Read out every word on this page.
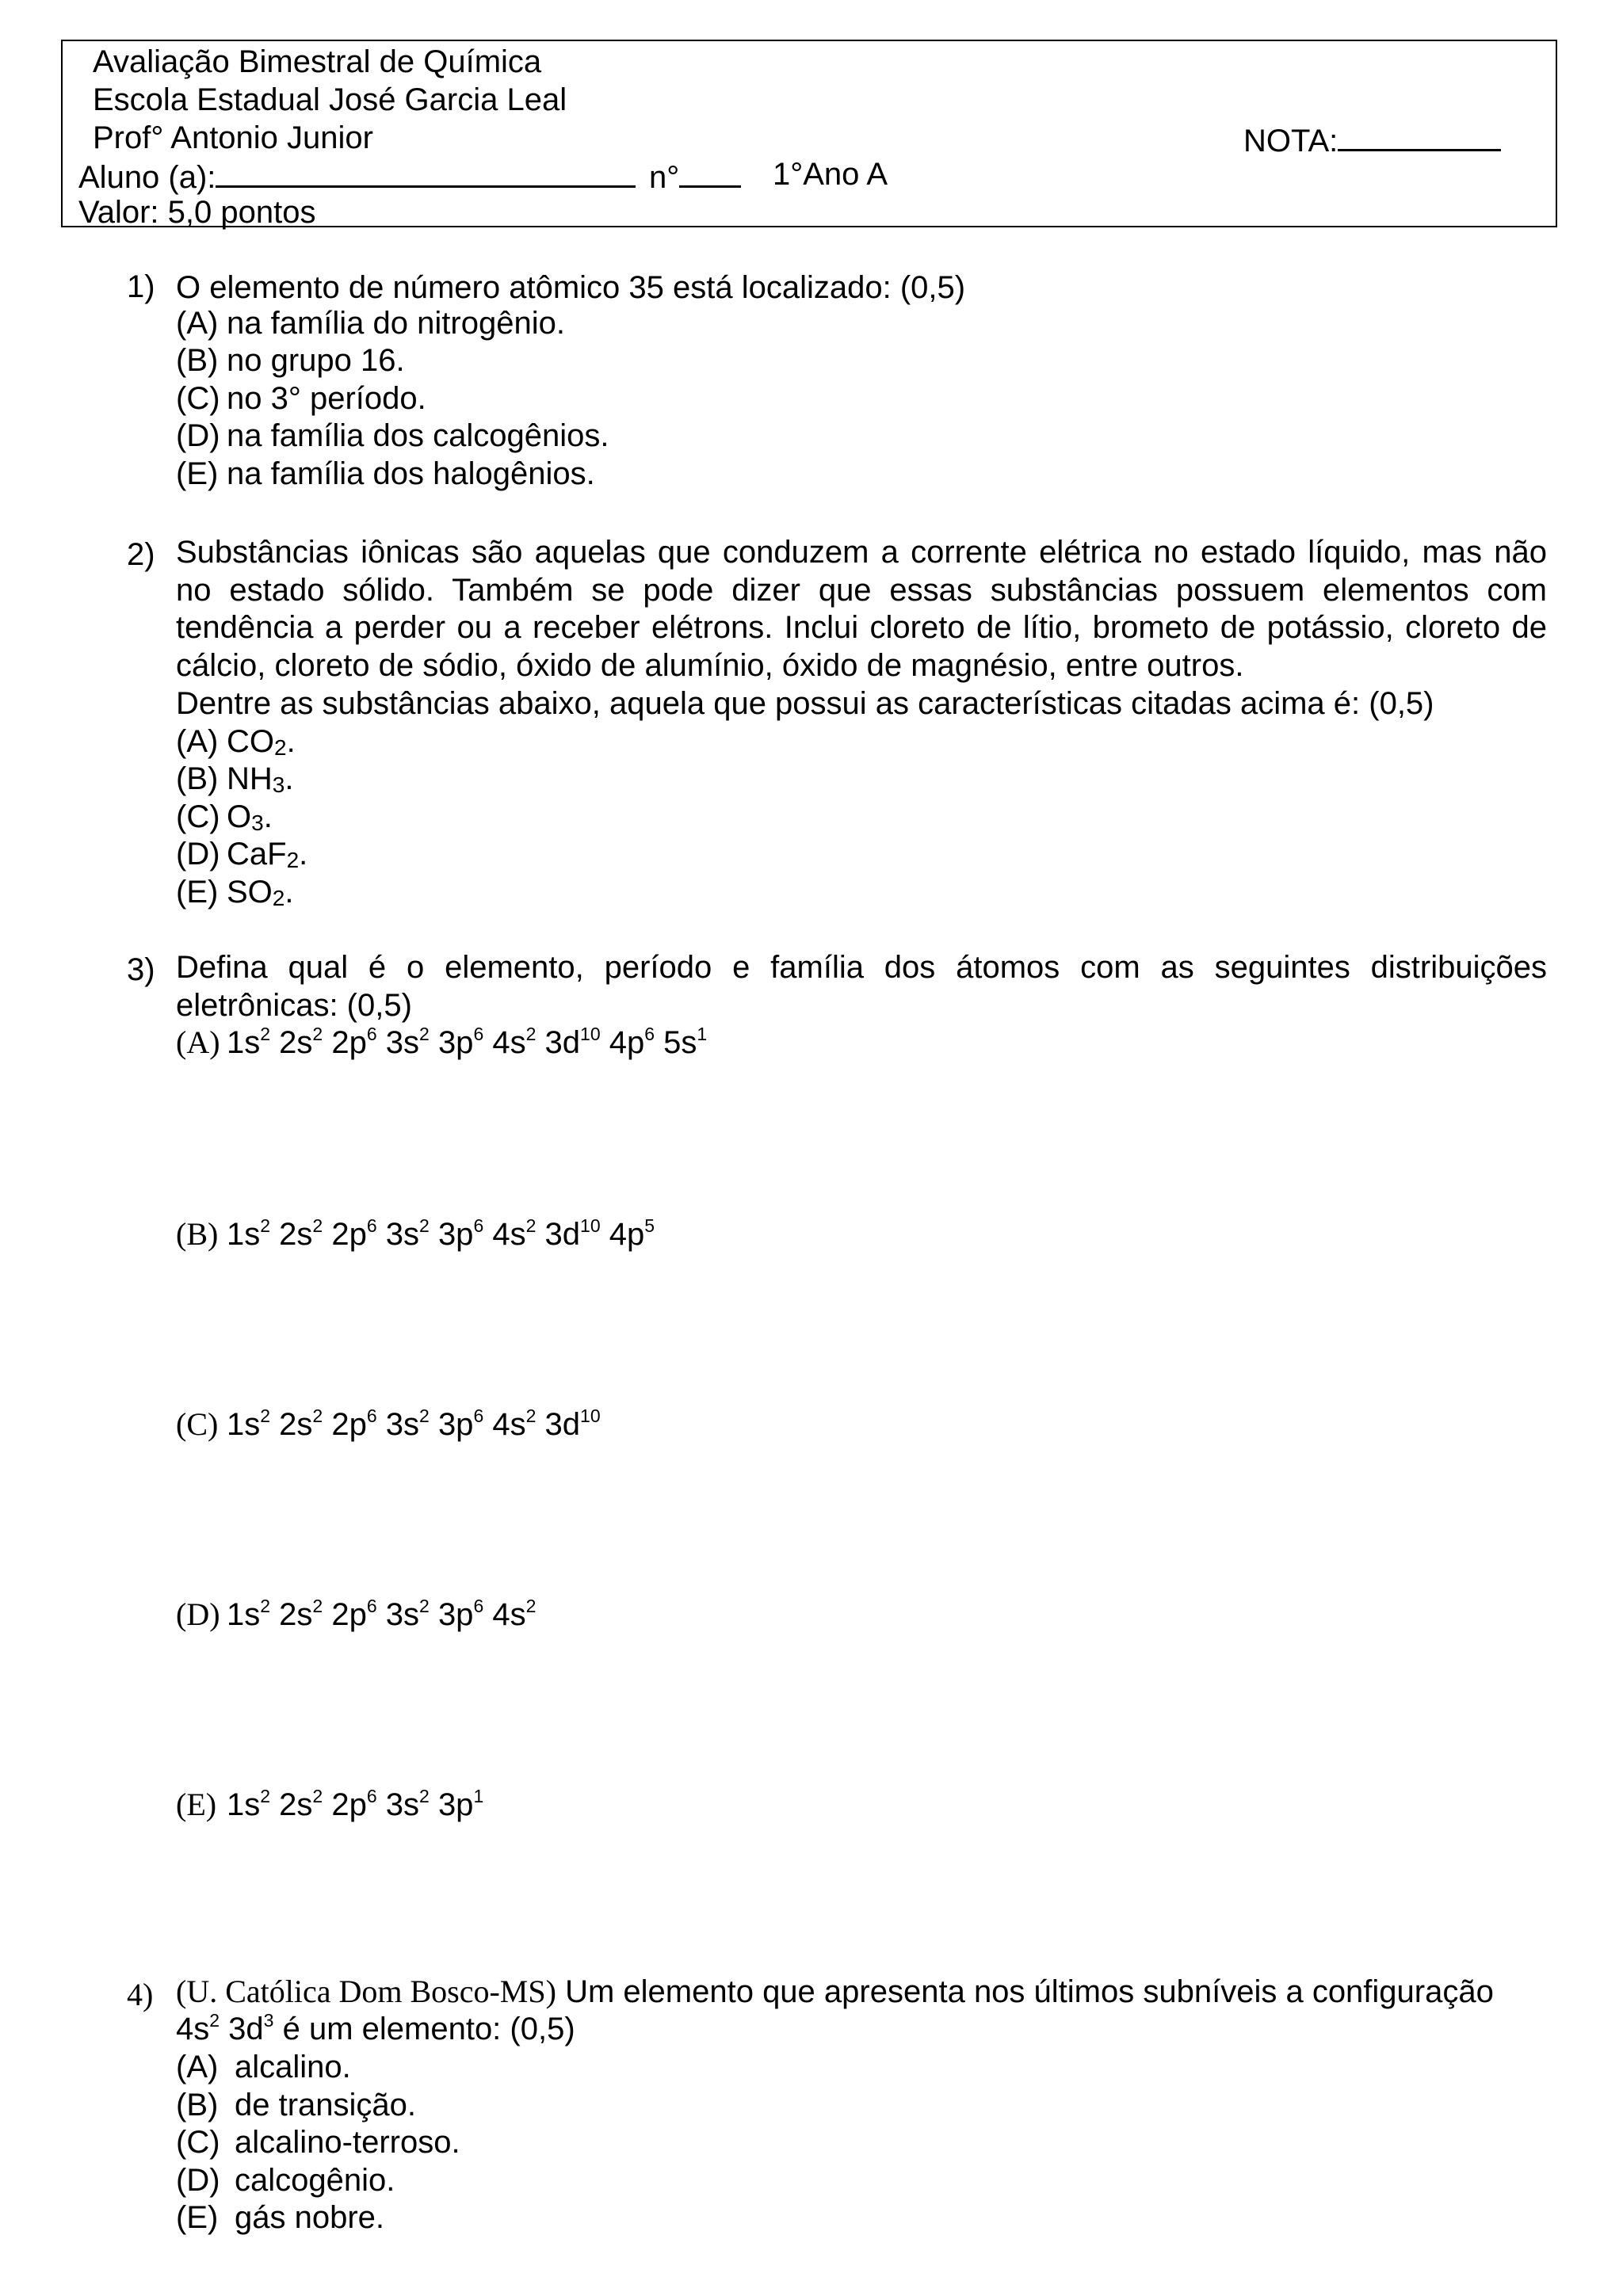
Avaliação Bimestral de Química
Escola Estadual José Garcia Leal
Prof° Antonio Junior	NOTA:
Aluno (a):	n°	1°Ano A
Valor: 5,0 pontos
1) O elemento de número atômico 35 está localizado: (0,5)
(A) na família do nitrogênio.
(B) no grupo 16.
(C) no 3° período.
(D) na família dos calcogênios.
(E) na família dos halogênios.
2) Substâncias iônicas são aquelas que conduzem a corrente elétrica no estado líquido, mas não no estado sólido. Também se pode dizer que essas substâncias possuem elementos com tendência a perder ou a receber elétrons. Inclui cloreto de lítio, brometo de potássio, cloreto de cálcio, cloreto de sódio, óxido de alumínio, óxido de magnésio, entre outros.
Dentre as substâncias abaixo, aquela que possui as características citadas acima é: (0,5)
(A) $CO_2$.
(B) $NH_3$.
(C) $O_3$.
(D) CaF$_2$.
(E) $SO_2$.
3) Defina qual é o elemento, período e família dos átomos com as seguintes distribuições eletrônicas: (0,5)
(A) $1s^2$ $2s^2$ $2p^6$ $3s^2$ $3p^6$ $4s^2$ $3d^{10}$ $4p^6$ $5s^1$
(B) $1s^2$ $2s^2$ $2p^6$ $3s^2$ $3p^6$ $4s^2$ $3d^{10}$ $4p^5$
(C) $1s^2$ $2s^2$ $2p^6$ $3s^2$ $3p^6$ $4s^2$ $3d^{10}$
(D) $1s^2$ $2s^2$ $2p^6$ $3s^2$ $3p^6$ $4s^2$
(E) $1s^2$ $2s^2$ $2p^6$ $3s^2$ $3p^1$
4) (U. Católica Dom Bosco-MS) Um elemento que apresenta nos últimos subníveis a configuração
$4s^2$ $3d^3$ é um elemento: (0,5)
(A) alcalino.
(B) de transição.
(C) alcalino-terroso.
(D) calcogênio.
(E) gás nobre.
